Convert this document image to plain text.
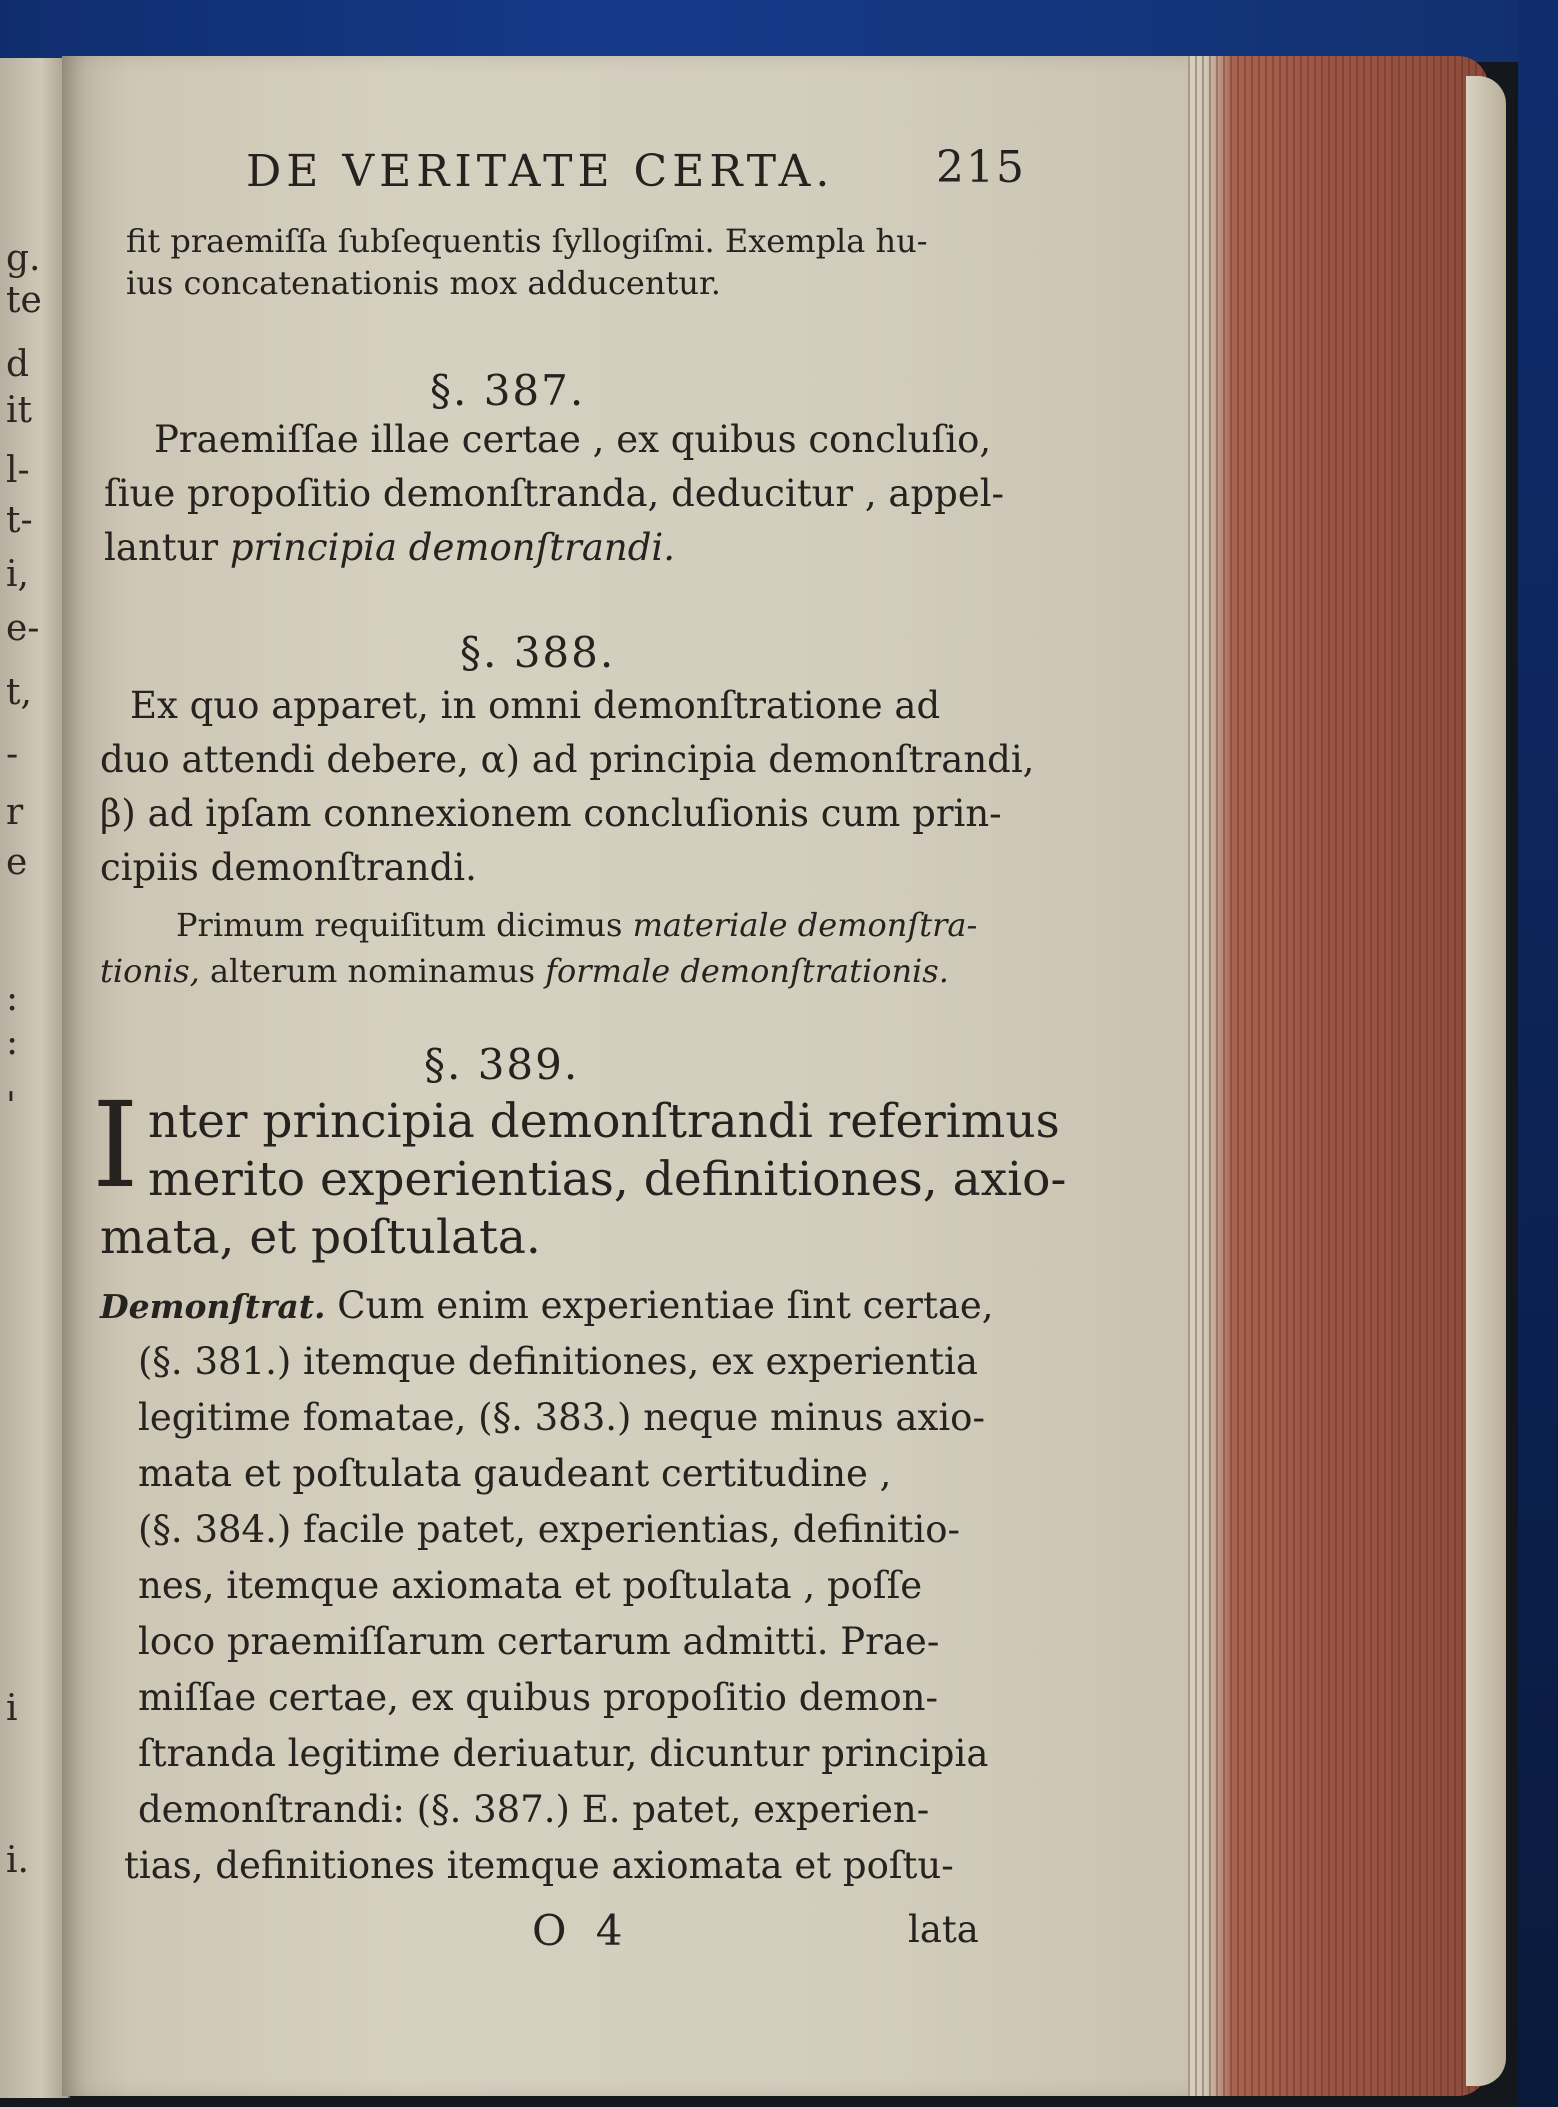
g.
te
d
it
l-
t-
i,
e-
t,
-
r
e
:
:
'
i
i.
DE VERITATE CERTA. 215
fit praemiſſa ſubſequentis ſyllogiſmi. Exempla hu-
ius concatenationis mox adducentur.
§. 387.
Praemiſſae illae certae , ex quibus concluſio,
ſiue propoſitio demonſtranda, deducitur , appel-
lantur principia demonſtrandi.
§. 388.
Ex quo apparet, in omni demonſtratione ad
duo attendi debere, α) ad principia demonſtrandi,
β) ad ipſam connexionem concluſionis cum prin-
cipiis demonſtrandi.
Primum requiſitum dicimus materiale demonſtra-
tionis, alterum nominamus formale demonſtrationis.
§. 389.
I nter principia demonſtrandi referimus
merito experientias, definitiones, axio-
mata, et poſtulata.
Demonſtrat. Cum enim experientiae ſint certae,
(§. 381.) itemque definitiones, ex experientia
legitime fomatae, (§. 383.) neque minus axio-
mata et poſtulata gaudeant certitudine ,
(§. 384.) facile patet, experientias, definitio-
nes, itemque axiomata et poſtulata , poſſe
loco praemiſſarum certarum admitti. Prae-
miſſae certae, ex quibus propoſitio demon-
ſtranda legitime deriuatur, dicuntur principia
demonſtrandi: (§. 387.) E. patet, experien-
tias, definitiones itemque axiomata et poſtu-
O 4	lata
